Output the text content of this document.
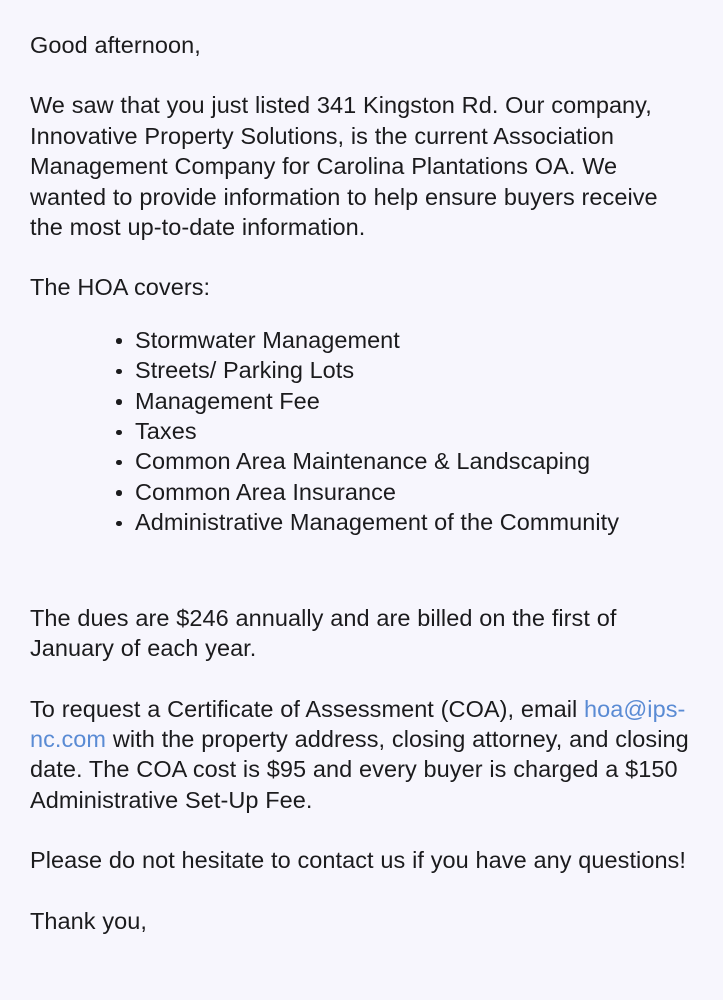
Good afternoon,

We saw that you just listed 341 Kingston Rd. Our company, Innovative Property Solutions, is the current Association Management Company for Carolina Plantations OA. We wanted to provide information to help ensure buyers receive the most up-to-date information.

The HOA covers:

Stormwater Management
Streets/ Parking Lots
Management Fee
Taxes
Common Area Maintenance & Landscaping
Common Area Insurance
Administrative Management of the Community

The dues are $246 annually and are billed on the first of January of each year.

To request a Certificate of Assessment (COA), email hoa@ips-nc.com with the property address, closing attorney, and closing date. The COA cost is $95 and every buyer is charged a $150 Administrative Set-Up Fee.

Please do not hesitate to contact us if you have any questions!

Thank you,
